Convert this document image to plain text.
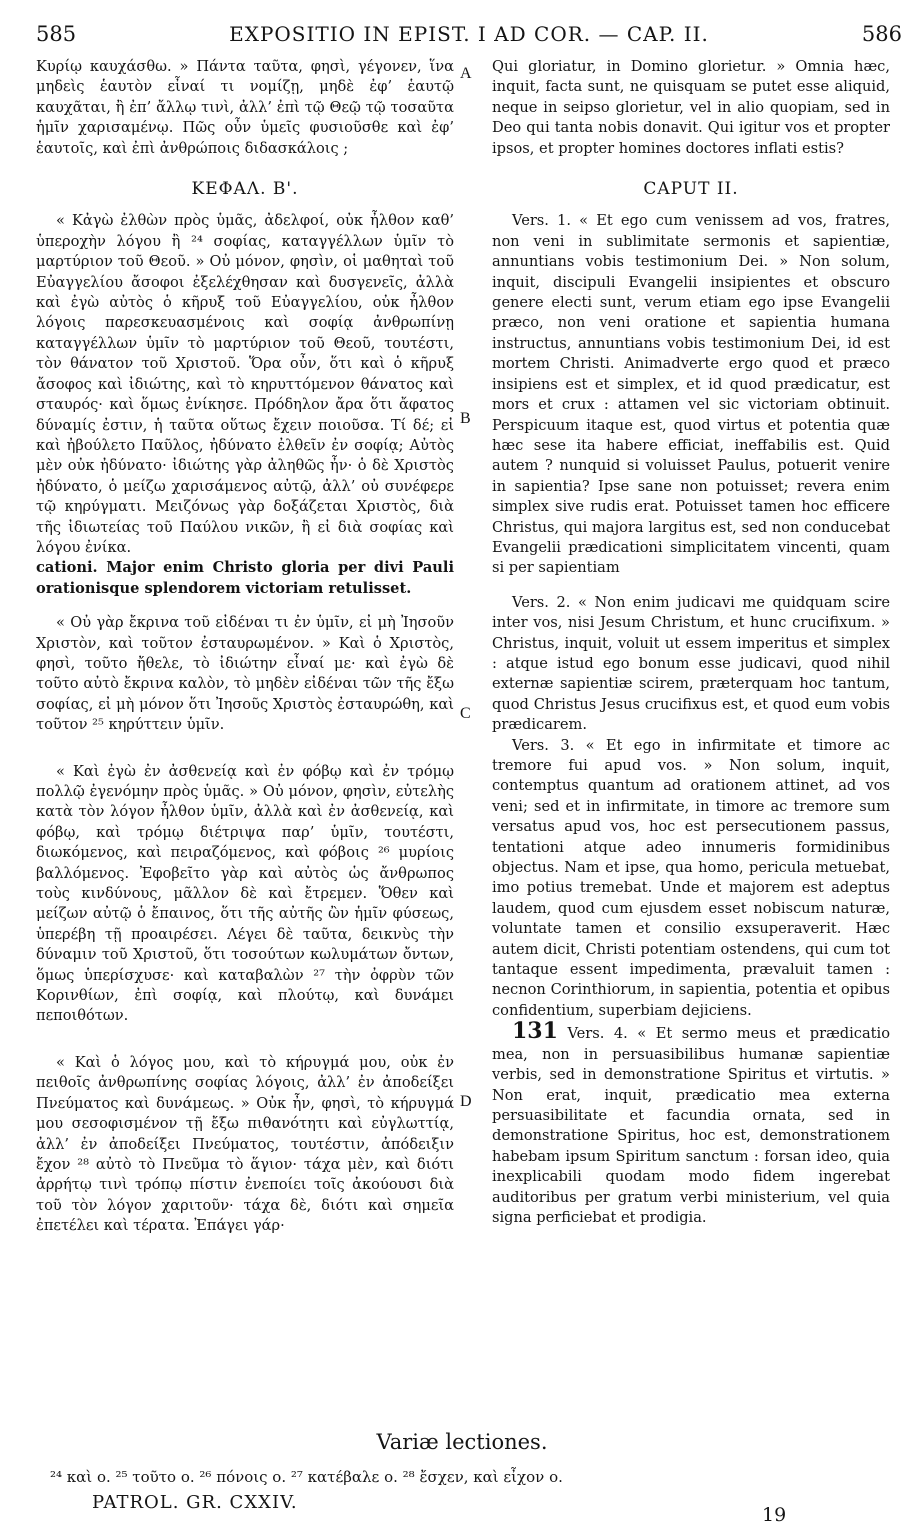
585	EXPOSITIO IN EPIST. I AD COR. — CAP. II.	586

Κυρίῳ καυχάσθω. » Πάντα ταῦτα, φησὶ, γέγονεν, ἵνα μηδεὶς ἑαυτὸν εἶναί τι νομίζῃ, μηδὲ ἐφ’ ἑαυτῷ καυχᾶται, ἢ ἐπ’ ἄλλῳ τινὶ, ἀλλ’ ἐπὶ τῷ Θεῷ τῷ τοσαῦτα ἡμῖν χαρισαμένῳ. Πῶς οὖν ὑμεῖς φυσιοῦσθε καὶ ἐφ’ ἑαυτοῖς, καὶ ἐπὶ ἀνθρώποις διδασκάλοις ;

ΚΕΦΑΛ. Β'.

« Κἀγὼ ἐλθὼν πρὸς ὑμᾶς, ἀδελφοί, οὐκ ἦλθον καθ’ ὑπεροχὴν λόγου ἢ ²⁴ σοφίας, καταγγέλλων ὑμῖν τὸ μαρτύριον τοῦ Θεοῦ. » Οὐ μόνον, φησὶν, οἱ μαθηταὶ τοῦ Εὐαγγελίου ἄσοφοι ἐξελέχθησαν καὶ δυσγενεῖς, ἀλλὰ καὶ ἐγὼ αὐτὸς ὁ κῆρυξ τοῦ Εὐαγγελίου, οὐκ ἦλθον λόγοις παρεσκευασμένοις καὶ σοφίᾳ ἀνθρωπίνῃ καταγγέλλων ὑμῖν τὸ μαρτύριον τοῦ Θεοῦ, τουτέστι, τὸν θάνατον τοῦ Χριστοῦ. Ὅρα οὖν, ὅτι καὶ ὁ κῆρυξ ἄσοφος καὶ ἰδιώτης, καὶ τὸ κηρυττόμενον θάνατος καὶ σταυρός· καὶ ὅμως ἐνίκησε. Πρόδηλον ἄρα ὅτι ἄφατος δύναμίς ἐστιν, ἡ ταῦτα οὕτως ἔχειν ποιοῦσα. Τί δέ; εἰ καὶ ἠβούλετο Παῦλος, ἠδύνατο ἐλθεῖν ἐν σοφίᾳ; Αὐτὸς μὲν οὐκ ἠδύνατο· ἰδιώτης γὰρ ἀληθῶς ἦν· ὁ δὲ Χριστὸς ἠδύνατο, ὁ μείζω χαρισάμενος αὐτῷ, ἀλλ’ οὐ συνέφερε τῷ κηρύγματι. Μειζόνως γὰρ δοξάζεται Χριστὸς, διὰ τῆς ἰδιωτείας τοῦ Παύλου νικῶν, ἢ εἰ διὰ σοφίας καὶ λόγου ἐνίκα.

cationi. Major enim Christo gloria per divi Pauli orationisque splendorem victoriam retulisset.

« Οὐ γὰρ ἔκρινα τοῦ εἰδέναι τι ἐν ὑμῖν, εἰ μὴ Ἰησοῦν Χριστὸν, καὶ τοῦτον ἐσταυρωμένον. » Καὶ ὁ Χριστὸς, φησὶ, τοῦτο ἤθελε, τὸ ἰδιώτην εἶναί με· καὶ ἐγὼ δὲ τοῦτο αὐτὸ ἔκρινα καλὸν, τὸ μηδὲν εἰδέναι τῶν τῆς ἔξω σοφίας, εἰ μὴ μόνον ὅτι Ἰησοῦς Χριστὸς ἐσταυρώθη, καὶ τοῦτον ²⁵ κηρύττειν ὑμῖν.

« Καὶ ἐγὼ ἐν ἀσθενείᾳ καὶ ἐν φόβῳ καὶ ἐν τρόμῳ πολλῷ ἐγενόμην πρὸς ὑμᾶς. » Οὐ μόνον, φησὶν, εὐτελὴς κατὰ τὸν λόγον ἦλθον ὑμῖν, ἀλλὰ καὶ ἐν ἀσθενείᾳ, καὶ φόβῳ, καὶ τρόμῳ διέτριψα παρ’ ὑμῖν, τουτέστι, διωκόμενος, καὶ πειραζόμενος, καὶ φόβοις ²⁶ μυρίοις βαλλόμενος. Ἐφοβεῖτο γὰρ καὶ αὐτὸς ὡς ἄνθρωπος τοὺς κινδύνους, μᾶλλον δὲ καὶ ἔτρεμεν. Ὅθεν καὶ μείζων αὐτῷ ὁ ἔπαινος, ὅτι τῆς αὐτῆς ὢν ἡμῖν φύσεως, ὑπερέβη τῇ προαιρέσει. Λέγει δὲ ταῦτα, δεικνὺς τὴν δύναμιν τοῦ Χριστοῦ, ὅτι τοσούτων κωλυμάτων ὄντων, ὅμως ὑπερίσχυσε· καὶ καταβαλὼν ²⁷ τὴν ὀφρὺν τῶν Κορινθίων, ἐπὶ σοφίᾳ, καὶ πλούτῳ, καὶ δυνάμει πεποιθότων.

« Καὶ ὁ λόγος μου, καὶ τὸ κήρυγμά μου, οὐκ ἐν πειθοῖς ἀνθρωπίνης σοφίας λόγοις, ἀλλ’ ἐν ἀποδείξει Πνεύματος καὶ δυνάμεως. » Οὐκ ἦν, φησὶ, τὸ κήρυγμά μου σεσοφισμένον τῇ ἔξω πιθανότητι καὶ εὐγλωττίᾳ, ἀλλ’ ἐν ἀποδείξει Πνεύματος, τουτέστιν, ἀπόδειξιν ἔχον ²⁸ αὐτὸ τὸ Πνεῦμα τὸ ἅγιον· τάχα μὲν, καὶ διότι ἀρρήτῳ τινὶ τρόπῳ πίστιν ἐνεποίει τοῖς ἀκούουσι διὰ τοῦ τὸν λόγον χαριτοῦν· τάχα δὲ, διότι καὶ σημεῖα ἐπετέλει καὶ τέρατα. Ἐπάγει γάρ·

A
B
C
D

Qui gloriatur, in Domino glorietur. » Omnia hæc, inquit, facta sunt, ne quisquam se putet esse aliquid, neque in seipso glorietur, vel in alio quopiam, sed in Deo qui tanta nobis donavit. Qui igitur vos et propter ipsos, et propter homines doctores inflati estis?

CAPUT II.

Vers. 1. « Et ego cum venissem ad vos, fratres, non veni in sublimitate sermonis et sapientiæ, annuntians vobis testimonium Dei. » Non solum, inquit, discipuli Evangelii insipientes et obscuro genere electi sunt, verum etiam ego ipse Evangelii præco, non veni oratione et sapientia humana instructus, annuntians vobis testimonium Dei, id est mortem Christi. Animadverte ergo quod et præco insipiens est et simplex, et id quod prædicatur, est mors et crux : attamen vel sic victoriam obtinuit. Perspicuum itaque est, quod virtus et potentia quæ hæc sese ita habere efficiat, ineffabilis est. Quid autem ? nunquid si voluisset Paulus, potuerit venire in sapientia? Ipse sane non potuisset; revera enim simplex sive rudis erat. Potuisset tamen hoc efficere Christus, qui majora largitus est, sed non conducebat Evangelii prædicationi simplicitatem vincenti, quam si per sapientiam

Vers. 2. « Non enim judicavi me quidquam scire inter vos, nisi Jesum Christum, et hunc crucifixum. » Christus, inquit, voluit ut essem imperitus et simplex : atque istud ego bonum esse judicavi, quod nihil externæ sapientiæ scirem, præterquam hoc tantum, quod Christus Jesus crucifixus est, et quod eum vobis prædicarem.

Vers. 3. « Et ego in infirmitate et timore ac tremore fui apud vos. » Non solum, inquit, contemptus quantum ad orationem attinet, ad vos veni; sed et in infirmitate, in timore ac tremore sum versatus apud vos, hoc est persecutionem passus, tentationi atque adeo innumeris formidinibus objectus. Nam et ipse, qua homo, pericula metuebat, imo potius tremebat. Unde et majorem est adeptus laudem, quod cum ejusdem esset nobiscum naturæ, voluntate tamen et consilio exsuperaverit. Hæc autem dicit, Christi potentiam ostendens, qui cum tot tantaque essent impedimenta, prævaluit tamen : necnon Corinthiorum, in sapientia, potentia et opibus confidentium, superbiam dejiciens.

131 Vers. 4. « Et sermo meus et prædicatio mea, non in persuasibilibus humanæ sapientiæ verbis, sed in demonstratione Spiritus et virtutis. » Non erat, inquit, prædicatio mea externa persuasibilitate et facundia ornata, sed in demonstratione Spiritus, hoc est, demonstrationem habebam ipsum Spiritum sanctum : forsan ideo, quia inexplicabili quodam modo fidem ingerebat auditoribus per gratum verbi ministerium, vel quia signa perficiebat et prodigia.

Variæ lectiones.
²⁴ καὶ ο. ²⁵ τοῦτο ο. ²⁶ πόνοις ο. ²⁷ κατέβαλε ο. ²⁸ ἔσχεν, καὶ εἶχον ο.
PATROL. GR. CXXIV.
19
